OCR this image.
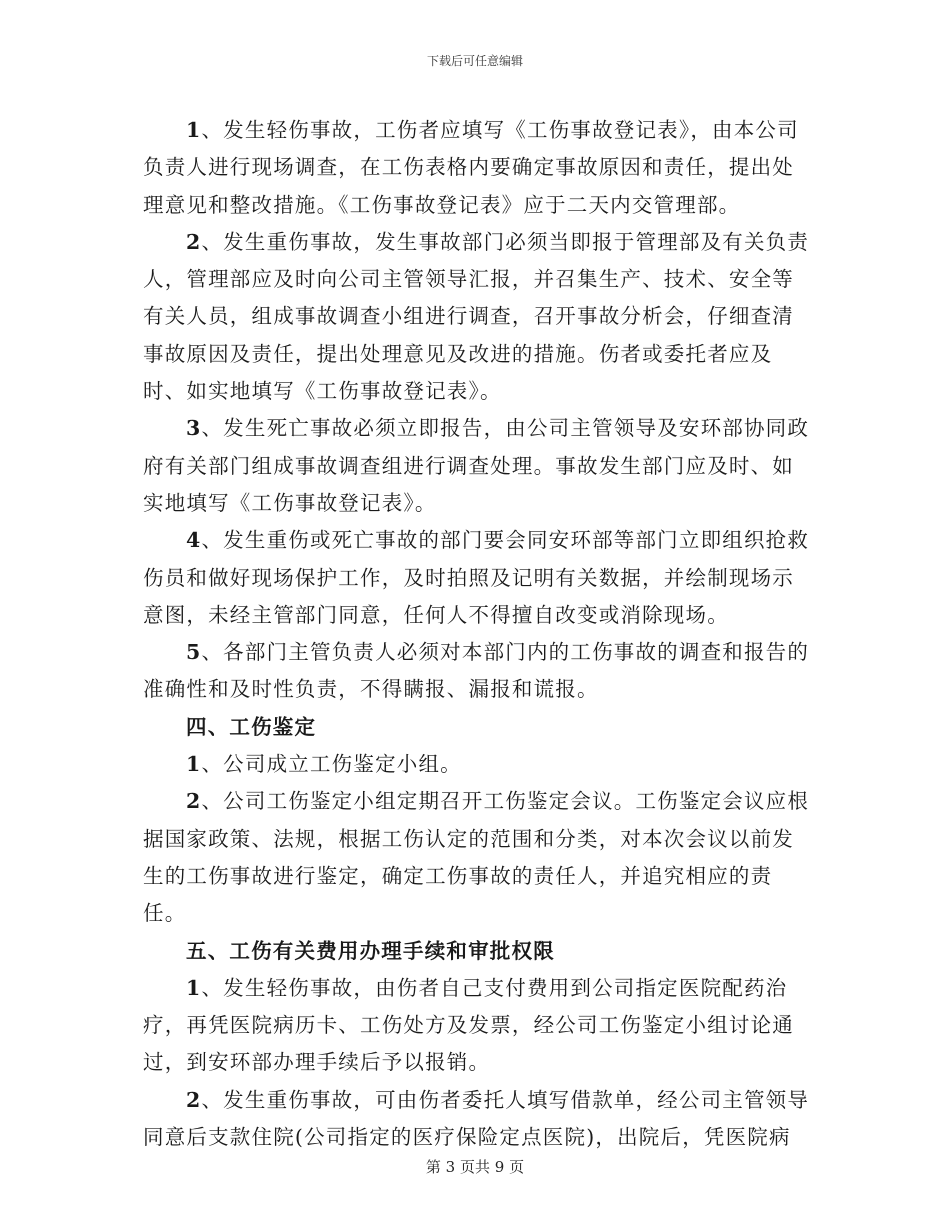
下载后可任意编辑

1、发生轻伤事故，工伤者应填写《工伤事故登记表》，由本公司负责人进行现场调查，在工伤表格内要确定事故原因和责任，提出处理意见和整改措施。《工伤事故登记表》应于二天内交管理部。

2、发生重伤事故，发生事故部门必须当即报于管理部及有关负责人，管理部应及时向公司主管领导汇报，并召集生产、技术、安全等有关人员，组成事故调查小组进行调查，召开事故分析会，仔细查清事故原因及责任，提出处理意见及改进的措施。伤者或委托者应及时、如实地填写《工伤事故登记表》。

3、发生死亡事故必须立即报告，由公司主管领导及安环部协同政府有关部门组成事故调查组进行调查处理。事故发生部门应及时、如实地填写《工伤事故登记表》。

4、发生重伤或死亡事故的部门要会同安环部等部门立即组织抢救伤员和做好现场保护工作，及时拍照及记明有关数据，并绘制现场示意图，未经主管部门同意，任何人不得擅自改变或消除现场。

5、各部门主管负责人必须对本部门内的工伤事故的调查和报告的准确性和及时性负责，不得瞒报、漏报和谎报。

四、工伤鉴定

1、公司成立工伤鉴定小组。

2、公司工伤鉴定小组定期召开工伤鉴定会议。工伤鉴定会议应根据国家政策、法规，根据工伤认定的范围和分类，对本次会议以前发生的工伤事故进行鉴定，确定工伤事故的责任人，并追究相应的责任。

五、工伤有关费用办理手续和审批权限

1、发生轻伤事故，由伤者自己支付费用到公司指定医院配药治疗，再凭医院病历卡、工伤处方及发票，经公司工伤鉴定小组讨论通过，到安环部办理手续后予以报销。

2、发生重伤事故，可由伤者委托人填写借款单，经公司主管领导同意后支款住院(公司指定的医疗保险定点医院)，出院后，凭医院病

第 3 页共 9 页
